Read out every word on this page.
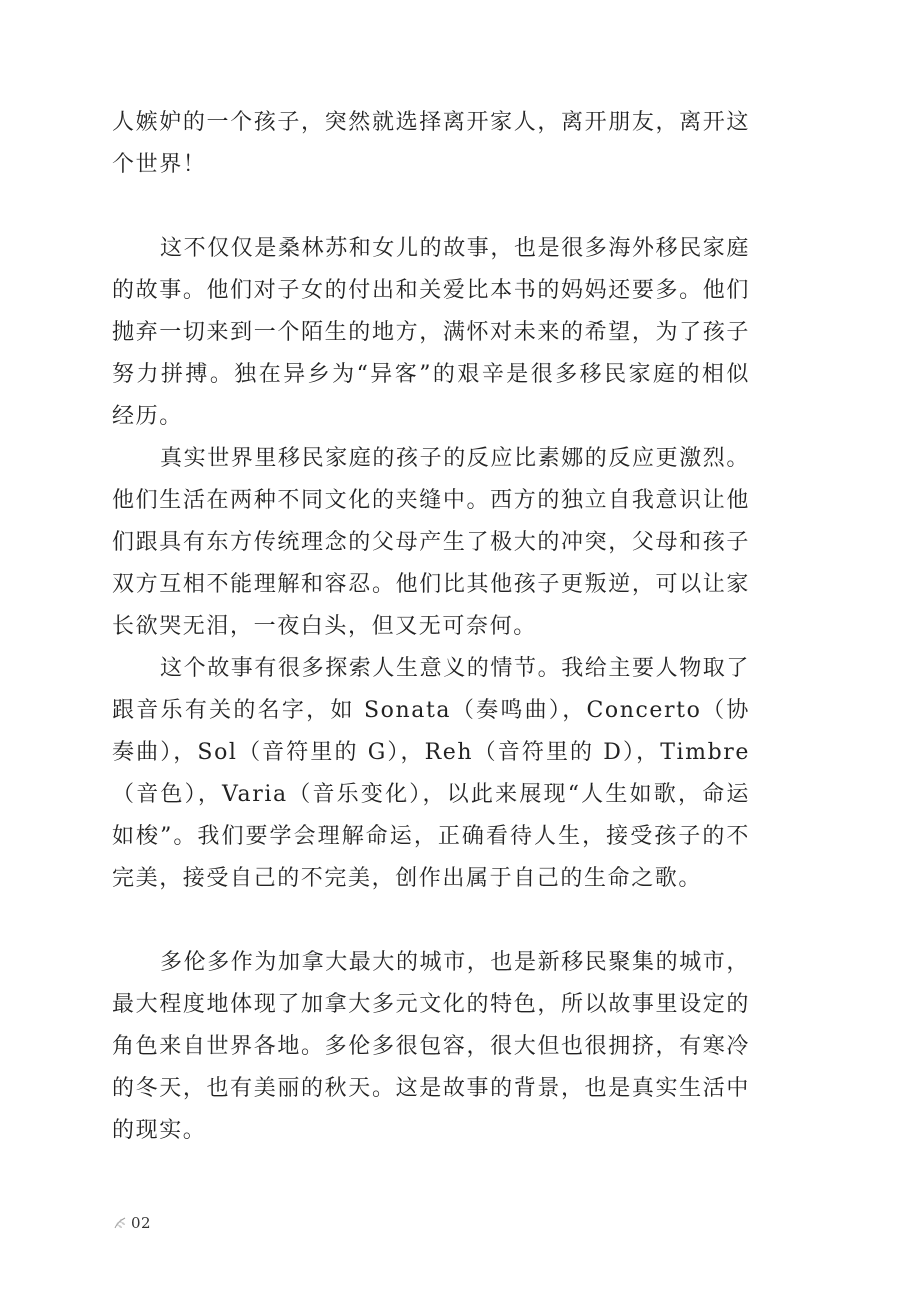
人嫉妒的一个孩子，突然就选择离开家人，离开朋友，离开这个世界！

这不仅仅是桑林苏和女儿的故事，也是很多海外移民家庭的故事。他们对子女的付出和关爱比本书的妈妈还要多。他们抛弃一切来到一个陌生的地方，满怀对未来的希望，为了孩子努力拼搏。独在异乡为“异客”的艰辛是很多移民家庭的相似经历。

真实世界里移民家庭的孩子的反应比素娜的反应更激烈。他们生活在两种不同文化的夹缝中。西方的独立自我意识让他们跟具有东方传统理念的父母产生了极大的冲突，父母和孩子双方互相不能理解和容忍。他们比其他孩子更叛逆，可以让家长欲哭无泪，一夜白头，但又无可奈何。

这个故事有很多探索人生意义的情节。我给主要人物取了跟音乐有关的名字，如 Sonata（奏鸣曲），Concerto（协奏曲），Sol（音符里的 G），Reh（音符里的 D），Timbre（音色），Varia（音乐变化），以此来展现“人生如歌，命运如梭”。我们要学会理解命运，正确看待人生，接受孩子的不完美，接受自己的不完美，创作出属于自己的生命之歌。

多伦多作为加拿大最大的城市，也是新移民聚集的城市，最大程度地体现了加拿大多元文化的特色，所以故事里设定的角色来自世界各地。多伦多很包容，很大但也很拥挤，有寒冷的冬天，也有美丽的秋天。这是故事的背景，也是真实生活中的现实。

02
